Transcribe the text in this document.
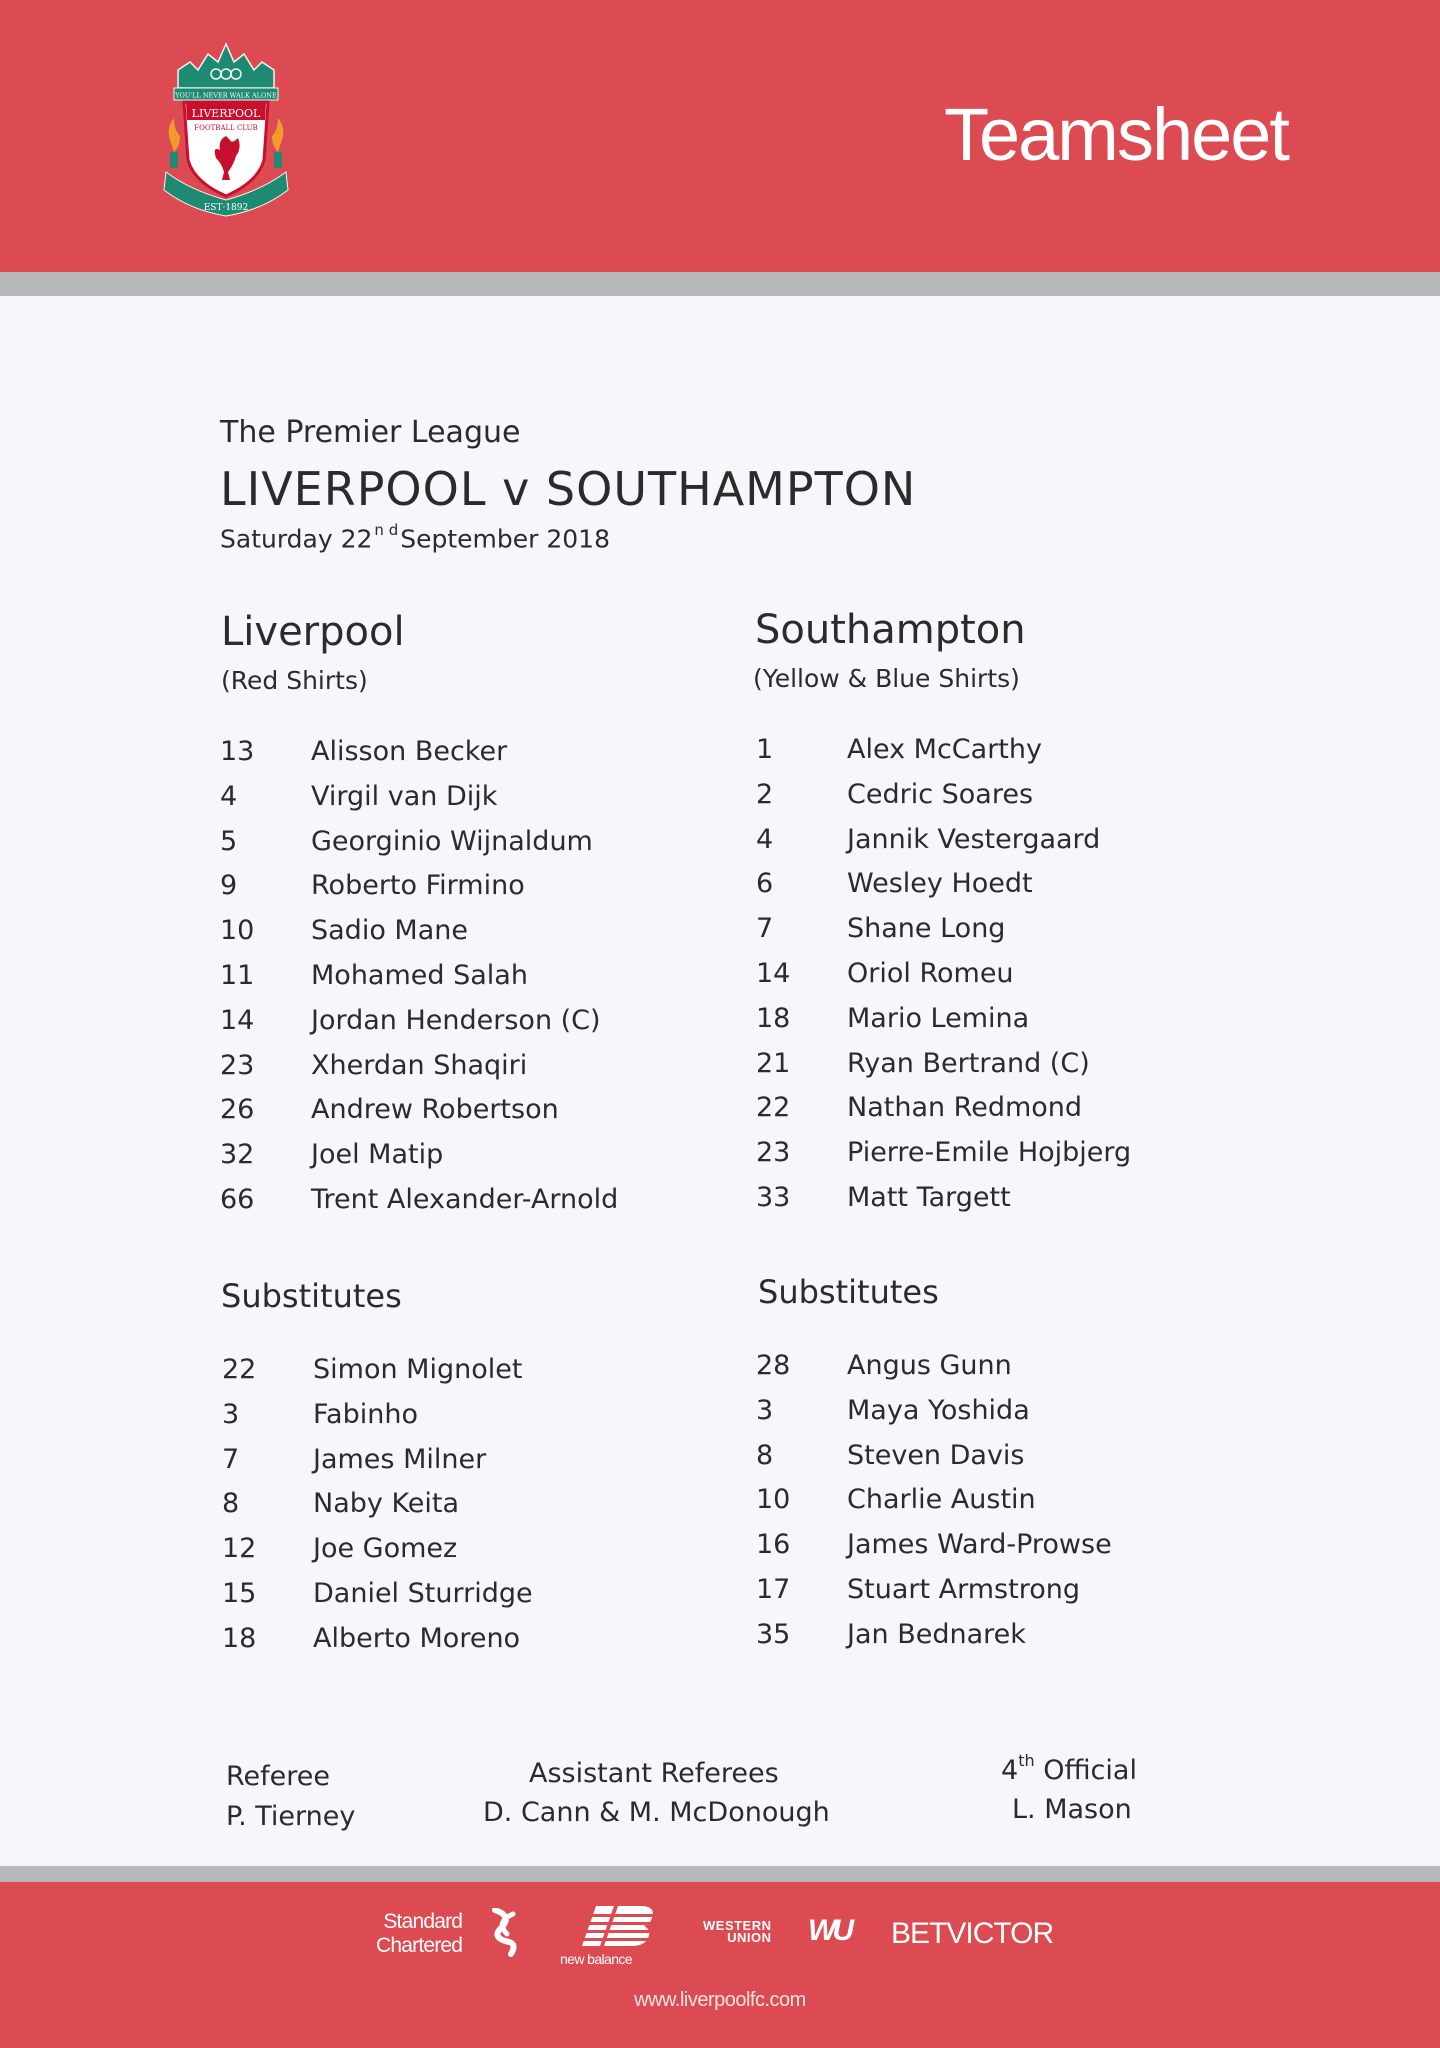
YOU'LL NEVER WALK ALONE
LIVERPOOL
FOOTBALL CLUB
EST·1892
Teamsheet
The Premier League
LIVERPOOL v SOUTHAMPTON
Saturday 22 $^{n d}$September 2018
Liverpool
(Red Shirts)
13 Alisson Becker
4	Virgil van Dijk
5	Georginio Wijnaldum
9	Roberto Firmino
10 Sadio Mane
11 Mohamed Salah
14 Jordan Henderson (C)
23 Xherdan Shaqiri
26 Andrew Robertson
32 Joel Matip
66 Trent Alexander-Arnold
Substitutes
22 Simon Mignolet
3	Fabinho
7	James Milner
8	Naby Keita
12 Joe Gomez
15 Daniel Sturridge
18 Alberto Moreno
Southampton
(Yellow & Blue Shirts)
1	Alex McCarthy
2	Cedric Soares
4	Jannik Vestergaard
6	Wesley Hoedt
7	Shane Long
14 Oriol Romeu
18 Mario Lemina
21 Ryan Bertrand (C)
22 Nathan Redmond
23 Pierre-Emile Hojbjerg
33 Matt Targett
Substitutes
28 Angus Gunn
3	Maya Yoshida
8	Steven Davis
10 Charlie Austin
16 James Ward-Prowse
17 Stuart Armstrong
35 Jan Bednarek
Referee
P. Tierney
Assistant Referees
D. Cann & M. McDonough
4th Official
L. Mason
Standard
Chartered
new balance
WESTERN
UNION WU BETVICTOR
www.liverpoolfc.com
